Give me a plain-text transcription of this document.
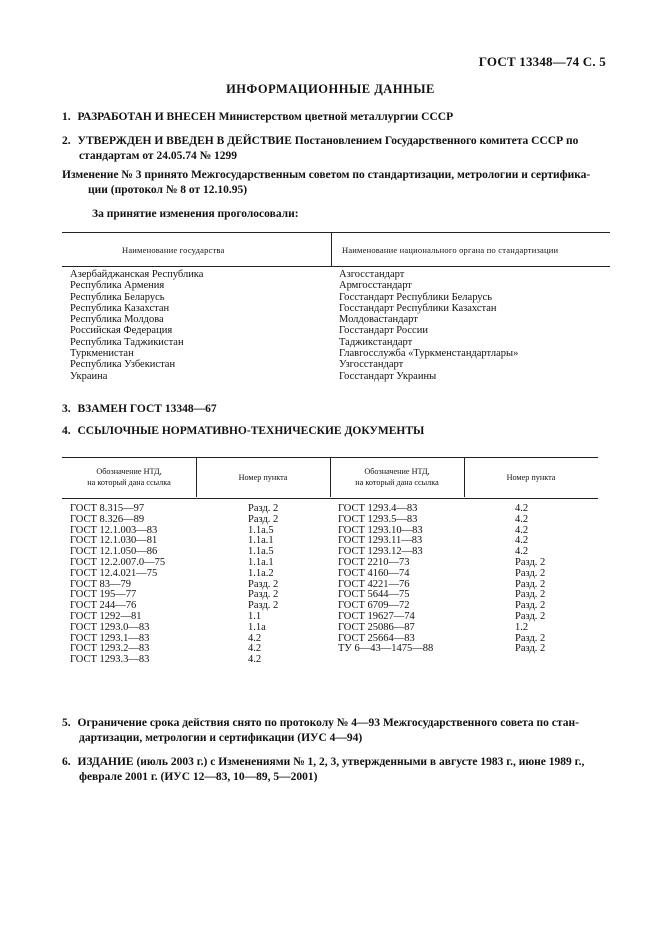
ГОСТ 13348—74 С. 5
ИНФОРМАЦИОННЫЕ ДАННЫЕ
1. РАЗРАБОТАН И ВНЕСЕН Министерством цветной металлургии СССР
2. УТВЕРЖДЕН И ВВЕДЕН В ДЕЙСТВИЕ Постановлением Государственного комитета СССР по
стандартам от 24.05.74 № 1299
Изменение № 3 принято Межгосударственным советом по стандартизации, метрологии и сертифика-
ции (протокол № 8 от 12.10.95)
За принятие изменения проголосовали:
Наименование государства	Наименование национального органа по стандартизации
Азербайджанская Республика
Республика Армения
Республика Беларусь
Республика Казахстан
Республика Молдова
Российская Федерация
Республика Таджикистан
Туркменистан
Республика Узбекистан
Украина
Азгосстандарт
Армгосстандарт
Госстандарт Республики Беларусь
Госстандарт Республики Казахстан
Молдовастандарт
Госстандарт России
Таджикстандарт
Главгосслужба «Туркменстандартлары»
Узгосстандарт
Госстандарт Украины
3. ВЗАМЕН ГОСТ 13348—67
4. ССЫЛОЧНЫЕ НОРМАТИВНО-ТЕХНИЧЕСКИЕ ДОКУМЕНТЫ
Обозначение НТД,
на который дана ссылка
Номер пункта
Обозначение НТД,
на который дана ссылка
Номер пункта
ГОСТ 8.315—97
ГОСТ 8.326—89
ГОСТ 12.1.003—83
ГОСТ 12.1.030—81
ГОСТ 12.1.050—86
ГОСТ 12.2.007.0—75
ГОСТ 12.4.021—75
ГОСТ 83—79
ГОСТ 195—77
ГОСТ 244—76
ГОСТ 1292—81
ГОСТ 1293.0—83
ГОСТ 1293.1—83
ГОСТ 1293.2—83
ГОСТ 1293.3—83
Разд. 2
Разд. 2
1.1а.5
1.1а.1
1.1а.5
1.1а.1
1.1а.2
Разд. 2
Разд. 2
Разд. 2
1.1
1.1а
4.2
4.2
4.2
ГОСТ 1293.4—83
ГОСТ 1293.5—83
ГОСТ 1293.10—83
ГОСТ 1293.11—83
ГОСТ 1293.12—83
ГОСТ 2210—73
ГОСТ 4160—74
ГОСТ 4221—76
ГОСТ 5644—75
ГОСТ 6709—72
ГОСТ 19627—74
ГОСТ 25086—87
ГОСТ 25664—83
ТУ 6—43—1475—88
4.2
4.2
4.2
4.2
4.2
Разд. 2
Разд. 2
Разд. 2
Разд. 2
Разд. 2
Разд. 2
1.2
Разд. 2
Разд. 2
5. Ограничение срока действия снято по протоколу № 4—93 Межгосударственного совета по стан-
дартизации, метрологии и сертификации (ИУС 4—94)
6. ИЗДАНИЕ (июль 2003 г.) с Изменениями № 1, 2, 3, утвержденными в августе 1983 г., июне 1989 г.,
феврале 2001 г. (ИУС 12—83, 10—89, 5—2001)
